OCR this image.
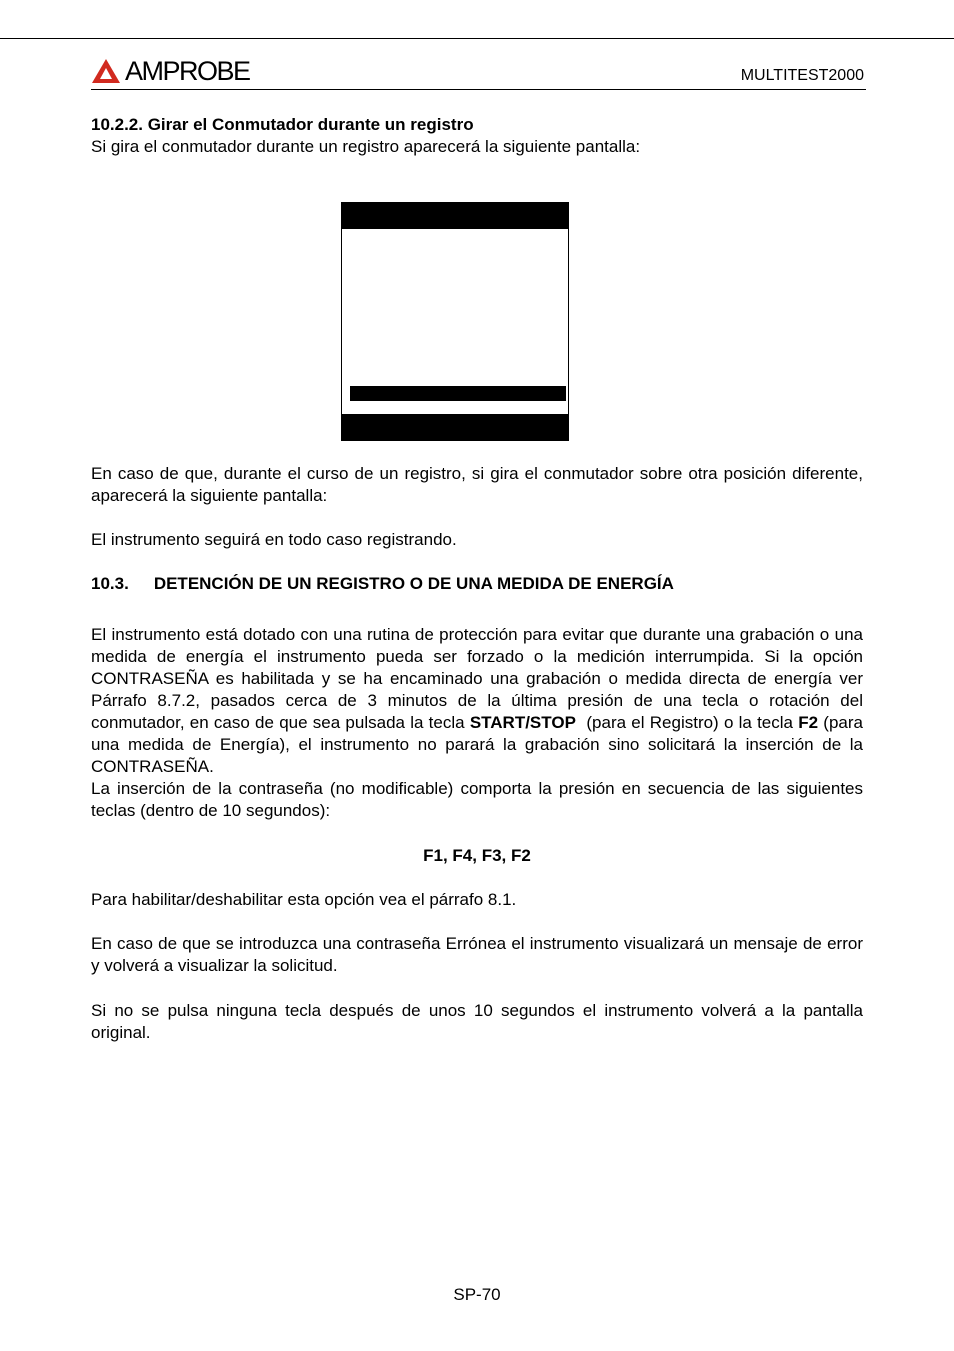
AMPROBE	MULTITEST2000

10.2.2. Girar el Conmutador durante un registro

Si gira el conmutador durante un registro aparecerá la siguiente pantalla:

En caso de que, durante el curso de un registro, si gira el conmutador sobre otra posición diferente, aparecerá la siguiente pantalla:

El instrumento seguirá en todo caso registrando.

10.3. DETENCIÓN DE UN REGISTRO O DE UNA MEDIDA DE ENERGÍA

El instrumento está dotado con una rutina de protección para evitar que durante una grabación o una medida de energía el instrumento pueda ser forzado o la medición interrumpida. Si la opción CONTRASEÑA es habilitada y se ha encaminado una grabación o medida directa de energía ver Párrafo 8.7.2, pasados cerca de 3 minutos de la última presión de una tecla o rotación del conmutador, en caso de que sea pulsada la tecla START/STOP  (para el Registro) o la tecla F2 (para una medida de Energía), el instrumento no parará la grabación sino solicitará la inserción de la CONTRASEÑA.

La inserción de la contraseña (no modificable) comporta la presión en secuencia de las siguientes teclas (dentro de 10 segundos):

F1, F4, F3, F2

Para habilitar/deshabilitar esta opción vea el párrafo 8.1.

En caso de que se introduzca una contraseña Errónea el instrumento visualizará un mensaje de error y volverá a visualizar la solicitud.

Si no se pulsa ninguna tecla después de unos 10 segundos el instrumento volverá a la pantalla original.

SP-70
